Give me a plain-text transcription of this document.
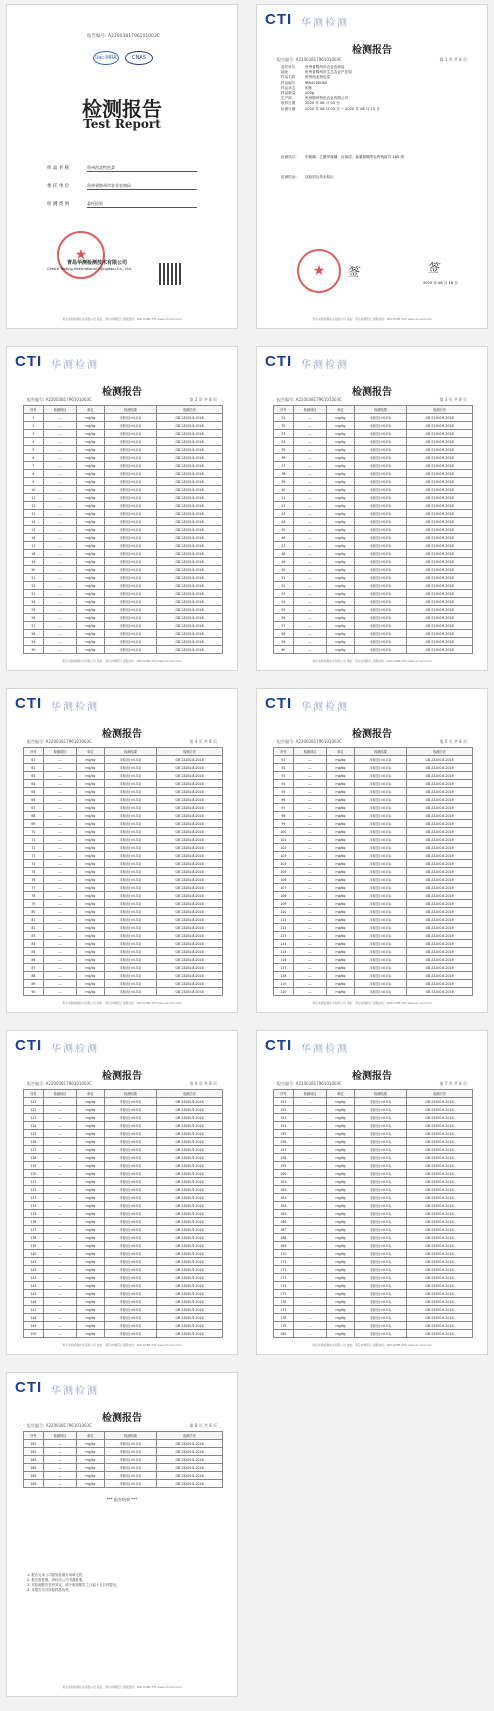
报告编号: A2200381796101003C
ilac-MRA	CNAS
检测报告
Test Report
样 品 名 称	贵州西北特色菜
委 托 单 位	贵州省锦州市农业农商局
检 测 类 别	委托检验
★
青岛华测检测技术有限公司
Centre Testing International (Qingdao) Co., Ltd.
青岛华测检测技术有限公司 地址：青岛市城阳区 客服热线：400-6788-333 www.cti-cert.com
CTI 华测检测
检测报告
报告编号: A2200381796101003C	第 1 页 共 8 页
委托单位	贵州省锦州市农业农商局
地址	贵州省锦州市生态农业产业园
样品名称	贵州西北特色菜
样品编号	IRR4200085
样品状态	固体
样品数量	500g
生产商	贵州锦州特色农业有限公司
收样日期	2020 年 08 月 03 日
检测日期	2020 年 08 月 03 日 ~ 2020 年 08 月 12 日
检测项目: 甲胺磷、乙酰甲胺磷、百菌清、氯氰菊酯等农药残留共 165 项
检测结论: 送检项目均未检出
★ 签	签
2020 年 08 月 18 日
青岛华测检测技术有限公司 地址：青岛市城阳区 客服热线：400-6788-333 www.cti-cert.com
CTI 华测检测
检测报告
报告编号: A2200381796101003C	第 2 页 共 8 页
序号	检测项目	单位	检测结果	检测方法
1	—	mg/kg	未检出(<0.01)	GB 23200.8-2016
2	—	mg/kg	未检出(<0.01)	GB 23200.8-2016
3	—	mg/kg	未检出(<0.01)	GB 23200.8-2016
4	—	mg/kg	未检出(<0.01)	GB 23200.8-2016
5	—	mg/kg	未检出(<0.01)	GB 23200.8-2016
6	—	mg/kg	未检出(<0.01)	GB 23200.8-2016
7	—	mg/kg	未检出(<0.01)	GB 23200.8-2016
8	—	mg/kg	未检出(<0.01)	GB 23200.8-2016
9	—	mg/kg	未检出(<0.01)	GB 23200.8-2016
10	—	mg/kg	未检出(<0.01)	GB 23200.8-2016
11	—	mg/kg	未检出(<0.01)	GB 23200.8-2016
12	—	mg/kg	未检出(<0.01)	GB 23200.8-2016
13	—	mg/kg	未检出(<0.01)	GB 23200.8-2016
14	—	mg/kg	未检出(<0.01)	GB 23200.8-2016
15	—	mg/kg	未检出(<0.01)	GB 23200.8-2016
16	—	mg/kg	未检出(<0.01)	GB 23200.8-2016
17	—	mg/kg	未检出(<0.01)	GB 23200.8-2016
18	—	mg/kg	未检出(<0.01)	GB 23200.8-2016
19	—	mg/kg	未检出(<0.01)	GB 23200.8-2016
20	—	mg/kg	未检出(<0.01)	GB 23200.8-2016
21	—	mg/kg	未检出(<0.01)	GB 23200.8-2016
22	—	mg/kg	未检出(<0.01)	GB 23200.8-2016
23	—	mg/kg	未检出(<0.01)	GB 23200.8-2016
24	—	mg/kg	未检出(<0.01)	GB 23200.8-2016
25	—	mg/kg	未检出(<0.01)	GB 23200.8-2016
26	—	mg/kg	未检出(<0.01)	GB 23200.8-2016
27	—	mg/kg	未检出(<0.01)	GB 23200.8-2016
28	—	mg/kg	未检出(<0.01)	GB 23200.8-2016
29	—	mg/kg	未检出(<0.01)	GB 23200.8-2016
30	—	mg/kg	未检出(<0.01)	GB 23200.8-2016
青岛华测检测技术有限公司 地址：青岛市城阳区 客服热线：400-6788-333 www.cti-cert.com
CTI 华测检测
检测报告
报告编号: A2200381796101003C	第 3 页 共 8 页
序号	检测项目	单位	检测结果	检测方法
31	—	mg/kg	未检出(<0.01)	GB 23200.8-2016
32	—	mg/kg	未检出(<0.01)	GB 23200.8-2016
33	—	mg/kg	未检出(<0.01)	GB 23200.8-2016
34	—	mg/kg	未检出(<0.01)	GB 23200.8-2016
35	—	mg/kg	未检出(<0.01)	GB 23200.8-2016
36	—	mg/kg	未检出(<0.01)	GB 23200.8-2016
37	—	mg/kg	未检出(<0.01)	GB 23200.8-2016
38	—	mg/kg	未检出(<0.01)	GB 23200.8-2016
39	—	mg/kg	未检出(<0.01)	GB 23200.8-2016
40	—	mg/kg	未检出(<0.01)	GB 23200.8-2016
41	—	mg/kg	未检出(<0.01)	GB 23200.8-2016
42	—	mg/kg	未检出(<0.01)	GB 23200.8-2016
43	—	mg/kg	未检出(<0.01)	GB 23200.8-2016
44	—	mg/kg	未检出(<0.01)	GB 23200.8-2016
45	—	mg/kg	未检出(<0.01)	GB 23200.8-2016
46	—	mg/kg	未检出(<0.01)	GB 23200.8-2016
47	—	mg/kg	未检出(<0.01)	GB 23200.8-2016
48	—	mg/kg	未检出(<0.01)	GB 23200.8-2016
49	—	mg/kg	未检出(<0.01)	GB 23200.8-2016
50	—	mg/kg	未检出(<0.01)	GB 23200.8-2016
51	—	mg/kg	未检出(<0.01)	GB 23200.8-2016
52	—	mg/kg	未检出(<0.01)	GB 23200.8-2016
53	—	mg/kg	未检出(<0.01)	GB 23200.8-2016
54	—	mg/kg	未检出(<0.01)	GB 23200.8-2016
55	—	mg/kg	未检出(<0.01)	GB 23200.8-2016
56	—	mg/kg	未检出(<0.01)	GB 23200.8-2016
57	—	mg/kg	未检出(<0.01)	GB 23200.8-2016
58	—	mg/kg	未检出(<0.01)	GB 23200.8-2016
59	—	mg/kg	未检出(<0.01)	GB 23200.8-2016
60	—	mg/kg	未检出(<0.01)	GB 23200.8-2016
青岛华测检测技术有限公司 地址：青岛市城阳区 客服热线：400-6788-333 www.cti-cert.com
CTI 华测检测
检测报告
报告编号: A2200381796101003C	第 4 页 共 8 页
序号	检测项目	单位	检测结果	检测方法
61	—	mg/kg	未检出(<0.01)	GB 23200.8-2016
62	—	mg/kg	未检出(<0.01)	GB 23200.8-2016
63	—	mg/kg	未检出(<0.01)	GB 23200.8-2016
64	—	mg/kg	未检出(<0.01)	GB 23200.8-2016
65	—	mg/kg	未检出(<0.01)	GB 23200.8-2016
66	—	mg/kg	未检出(<0.01)	GB 23200.8-2016
67	—	mg/kg	未检出(<0.01)	GB 23200.8-2016
68	—	mg/kg	未检出(<0.01)	GB 23200.8-2016
69	—	mg/kg	未检出(<0.01)	GB 23200.8-2016
70	—	mg/kg	未检出(<0.01)	GB 23200.8-2016
71	—	mg/kg	未检出(<0.01)	GB 23200.8-2016
72	—	mg/kg	未检出(<0.01)	GB 23200.8-2016
73	—	mg/kg	未检出(<0.01)	GB 23200.8-2016
74	—	mg/kg	未检出(<0.01)	GB 23200.8-2016
75	—	mg/kg	未检出(<0.01)	GB 23200.8-2016
76	—	mg/kg	未检出(<0.01)	GB 23200.8-2016
77	—	mg/kg	未检出(<0.01)	GB 23200.8-2016
78	—	mg/kg	未检出(<0.01)	GB 23200.8-2016
79	—	mg/kg	未检出(<0.01)	GB 23200.8-2016
80	—	mg/kg	未检出(<0.01)	GB 23200.8-2016
81	—	mg/kg	未检出(<0.01)	GB 23200.8-2016
82	—	mg/kg	未检出(<0.01)	GB 23200.8-2016
83	—	mg/kg	未检出(<0.01)	GB 23200.8-2016
84	—	mg/kg	未检出(<0.01)	GB 23200.8-2016
85	—	mg/kg	未检出(<0.01)	GB 23200.8-2016
86	—	mg/kg	未检出(<0.01)	GB 23200.8-2016
87	—	mg/kg	未检出(<0.01)	GB 23200.8-2016
88	—	mg/kg	未检出(<0.01)	GB 23200.8-2016
89	—	mg/kg	未检出(<0.01)	GB 23200.8-2016
90	—	mg/kg	未检出(<0.01)	GB 23200.8-2016
青岛华测检测技术有限公司 地址：青岛市城阳区 客服热线：400-6788-333 www.cti-cert.com
CTI 华测检测
检测报告
报告编号: A2200381796101003C	第 5 页 共 8 页
序号	检测项目	单位	检测结果	检测方法
91	—	mg/kg	未检出(<0.01)	GB 23200.8-2016
92	—	mg/kg	未检出(<0.01)	GB 23200.8-2016
93	—	mg/kg	未检出(<0.01)	GB 23200.8-2016
94	—	mg/kg	未检出(<0.01)	GB 23200.8-2016
95	—	mg/kg	未检出(<0.01)	GB 23200.8-2016
96	—	mg/kg	未检出(<0.01)	GB 23200.8-2016
97	—	mg/kg	未检出(<0.01)	GB 23200.8-2016
98	—	mg/kg	未检出(<0.01)	GB 23200.8-2016
99	—	mg/kg	未检出(<0.01)	GB 23200.8-2016
100	—	mg/kg	未检出(<0.01)	GB 23200.8-2016
101	—	mg/kg	未检出(<0.01)	GB 23200.8-2016
102	—	mg/kg	未检出(<0.01)	GB 23200.8-2016
103	—	mg/kg	未检出(<0.01)	GB 23200.8-2016
104	—	mg/kg	未检出(<0.01)	GB 23200.8-2016
105	—	mg/kg	未检出(<0.01)	GB 23200.8-2016
106	—	mg/kg	未检出(<0.01)	GB 23200.8-2016
107	—	mg/kg	未检出(<0.01)	GB 23200.8-2016
108	—	mg/kg	未检出(<0.01)	GB 23200.8-2016
109	—	mg/kg	未检出(<0.01)	GB 23200.8-2016
110	—	mg/kg	未检出(<0.01)	GB 23200.8-2016
111	—	mg/kg	未检出(<0.01)	GB 23200.8-2016
112	—	mg/kg	未检出(<0.01)	GB 23200.8-2016
113	—	mg/kg	未检出(<0.01)	GB 23200.8-2016
114	—	mg/kg	未检出(<0.01)	GB 23200.8-2016
115	—	mg/kg	未检出(<0.01)	GB 23200.8-2016
116	—	mg/kg	未检出(<0.01)	GB 23200.8-2016
117	—	mg/kg	未检出(<0.01)	GB 23200.8-2016
118	—	mg/kg	未检出(<0.01)	GB 23200.8-2016
119	—	mg/kg	未检出(<0.01)	GB 23200.8-2016
120	—	mg/kg	未检出(<0.01)	GB 23200.8-2016
青岛华测检测技术有限公司 地址：青岛市城阳区 客服热线：400-6788-333 www.cti-cert.com
CTI 华测检测
检测报告
报告编号: A2200381796101003C	第 6 页 共 8 页
序号	检测项目	单位	检测结果	检测方法
121	—	mg/kg	未检出(<0.01)	GB 23200.8-2016
122	—	mg/kg	未检出(<0.01)	GB 23200.8-2016
123	—	mg/kg	未检出(<0.01)	GB 23200.8-2016
124	—	mg/kg	未检出(<0.01)	GB 23200.8-2016
125	—	mg/kg	未检出(<0.01)	GB 23200.8-2016
126	—	mg/kg	未检出(<0.01)	GB 23200.8-2016
127	—	mg/kg	未检出(<0.01)	GB 23200.8-2016
128	—	mg/kg	未检出(<0.01)	GB 23200.8-2016
129	—	mg/kg	未检出(<0.01)	GB 23200.8-2016
130	—	mg/kg	未检出(<0.01)	GB 23200.8-2016
131	—	mg/kg	未检出(<0.01)	GB 23200.8-2016
132	—	mg/kg	未检出(<0.01)	GB 23200.8-2016
133	—	mg/kg	未检出(<0.01)	GB 23200.8-2016
134	—	mg/kg	未检出(<0.01)	GB 23200.8-2016
135	—	mg/kg	未检出(<0.01)	GB 23200.8-2016
136	—	mg/kg	未检出(<0.01)	GB 23200.8-2016
137	—	mg/kg	未检出(<0.01)	GB 23200.8-2016
138	—	mg/kg	未检出(<0.01)	GB 23200.8-2016
139	—	mg/kg	未检出(<0.01)	GB 23200.8-2016
140	—	mg/kg	未检出(<0.01)	GB 23200.8-2016
141	—	mg/kg	未检出(<0.01)	GB 23200.8-2016
142	—	mg/kg	未检出(<0.01)	GB 23200.8-2016
143	—	mg/kg	未检出(<0.01)	GB 23200.8-2016
144	—	mg/kg	未检出(<0.01)	GB 23200.8-2016
145	—	mg/kg	未检出(<0.01)	GB 23200.8-2016
146	—	mg/kg	未检出(<0.01)	GB 23200.8-2016
147	—	mg/kg	未检出(<0.01)	GB 23200.8-2016
148	—	mg/kg	未检出(<0.01)	GB 23200.8-2016
149	—	mg/kg	未检出(<0.01)	GB 23200.8-2016
150	—	mg/kg	未检出(<0.01)	GB 23200.8-2016
青岛华测检测技术有限公司 地址：青岛市城阳区 客服热线：400-6788-333 www.cti-cert.com
CTI 华测检测
检测报告
报告编号: A2200381796101003C	第 7 页 共 8 页
序号	检测项目	单位	检测结果	检测方法
151	—	mg/kg	未检出(<0.01)	GB 23200.8-2016
152	—	mg/kg	未检出(<0.01)	GB 23200.8-2016
153	—	mg/kg	未检出(<0.01)	GB 23200.8-2016
154	—	mg/kg	未检出(<0.01)	GB 23200.8-2016
155	—	mg/kg	未检出(<0.01)	GB 23200.8-2016
156	—	mg/kg	未检出(<0.01)	GB 23200.8-2016
157	—	mg/kg	未检出(<0.01)	GB 23200.8-2016
158	—	mg/kg	未检出(<0.01)	GB 23200.8-2016
159	—	mg/kg	未检出(<0.01)	GB 23200.8-2016
160	—	mg/kg	未检出(<0.01)	GB 23200.8-2016
161	—	mg/kg	未检出(<0.01)	GB 23200.8-2016
162	—	mg/kg	未检出(<0.01)	GB 23200.8-2016
163	—	mg/kg	未检出(<0.01)	GB 23200.8-2016
164	—	mg/kg	未检出(<0.01)	GB 23200.8-2016
165	—	mg/kg	未检出(<0.01)	GB 23200.8-2016
166	—	mg/kg	未检出(<0.01)	GB 23200.8-2016
167	—	mg/kg	未检出(<0.01)	GB 23200.8-2016
168	—	mg/kg	未检出(<0.01)	GB 23200.8-2016
169	—	mg/kg	未检出(<0.01)	GB 23200.8-2016
170	—	mg/kg	未检出(<0.01)	GB 23200.8-2016
171	—	mg/kg	未检出(<0.01)	GB 23200.8-2016
172	—	mg/kg	未检出(<0.01)	GB 23200.8-2016
173	—	mg/kg	未检出(<0.01)	GB 23200.8-2016
174	—	mg/kg	未检出(<0.01)	GB 23200.8-2016
175	—	mg/kg	未检出(<0.01)	GB 23200.8-2016
176	—	mg/kg	未检出(<0.01)	GB 23200.8-2016
177	—	mg/kg	未检出(<0.01)	GB 23200.8-2016
178	—	mg/kg	未检出(<0.01)	GB 23200.8-2016
179	—	mg/kg	未检出(<0.01)	GB 23200.8-2016
180	—	mg/kg	未检出(<0.01)	GB 23200.8-2016
青岛华测检测技术有限公司 地址：青岛市城阳区 客服热线：400-6788-333 www.cti-cert.com
CTI 华测检测
检测报告
报告编号: A2200381796101003C	第 8 页 共 8 页
序号	检测项目	单位	检测结果	检测方法
181	—	mg/kg	未检出(<0.01)	GB 23200.8-2016
182	—	mg/kg	未检出(<0.01)	GB 23200.8-2016
183	—	mg/kg	未检出(<0.01)	GB 23200.8-2016
184	—	mg/kg	未检出(<0.01)	GB 23200.8-2016
185	—	mg/kg	未检出(<0.01)	GB 23200.8-2016
186	—	mg/kg	未检出(<0.01)	GB 23200.8-2016
*** 报告结束 ***
1. 报告无本公司检验检测专用章无效。
2. 报告需复制，须经本公司书面批准。
3. 对检测报告若有异议，请于收到报告之日起十五日内提出。
4. 本报告仅对所检样品负责。
青岛华测检测技术有限公司 地址：青岛市城阳区 客服热线：400-6788-333 www.cti-cert.com
